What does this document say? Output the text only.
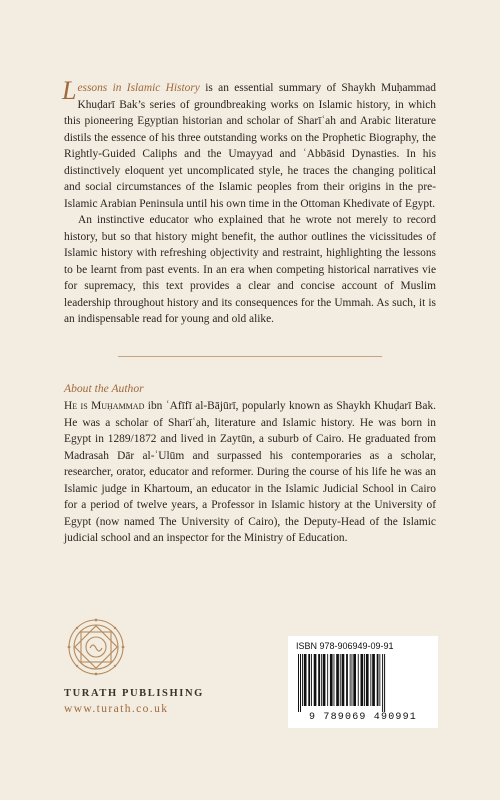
Lessons in Islamic History is an essential summary of Shaykh Muḥammad Khuḍarī Bak’s series of groundbreaking works on Islamic history, in which this pioneering Egyptian historian and scholar of Sharīʿah and Arabic literature distils the essence of his three outstanding works on the Prophetic Biography, the Rightly-Guided Caliphs and the Umayyad and ʿAbbāsid Dynasties. In his distinctively eloquent yet uncomplicated style, he traces the changing political and social circumstances of the Islamic peoples from their origins in the pre-Islamic Arabian Peninsula until his own time in the Ottoman Khedivate of Egypt.

An instinctive educator who explained that he wrote not merely to record history, but so that history might benefit, the author outlines the vicissitudes of Islamic history with refreshing objectivity and restraint, highlighting the lessons to be learnt from past events. In an era when competing historical narratives vie for supremacy, this text provides a clear and concise account of Muslim leadership throughout history and its consequences for the Ummah. As such, it is an indispensable read for young and old alike.

About the Author
He is Muḥammad ibn ʿAfīfī al-Bājūrī, popularly known as Shaykh Khuḍarī Bak. He was a scholar of Sharīʿah, literature and Islamic history. He was born in Egypt in 1289/1872 and lived in Zaytūn, a suburb of Cairo. He graduated from Madrasah Dār al-ʿUlūm and surpassed his contemporaries as a scholar, researcher, orator, educator and reformer. During the course of his life he was an Islamic judge in Khartoum, an educator in the Islamic Judicial School in Cairo for a period of twelve years, a Professor in Islamic history at the University of Egypt (now named The University of Cairo), the Deputy-Head of the Islamic judicial school and an inspector for the Ministry of Education.
TURATH PUBLISHING
www.turath.co.uk
ISBN 978-906949-09-91
9 789069 490991
